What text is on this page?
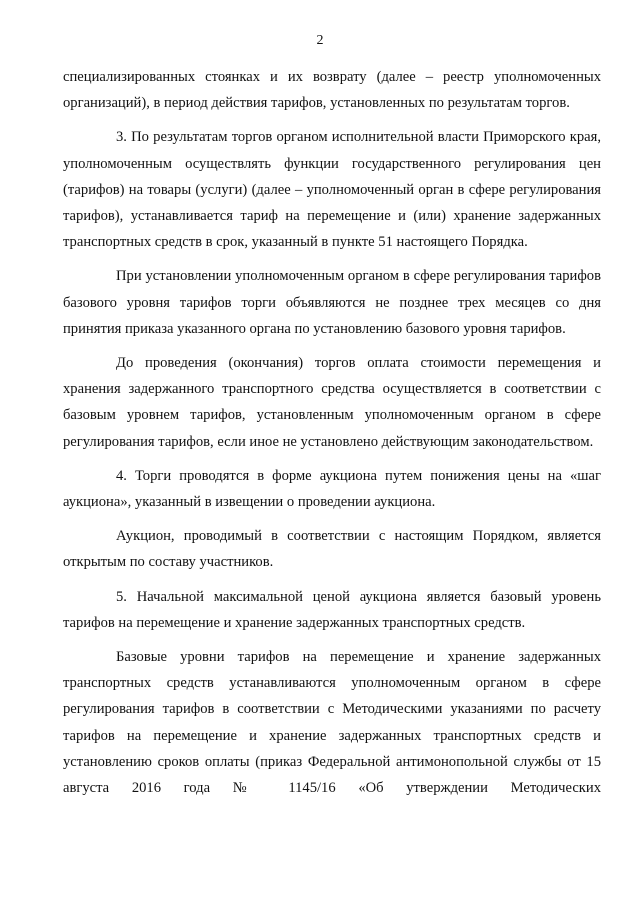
2

специализированных стоянках и их возврату (далее – реестр уполномоченных организаций), в период действия тарифов, установленных по результатам торгов.

3. По результатам торгов органом исполнительной власти Приморского края, уполномоченным осуществлять функции государственного регулирования цен (тарифов) на товары (услуги) (далее – уполномоченный орган в сфере регулирования тарифов), устанавливается тариф на перемещение и (или) хранение задержанных транспортных средств в срок, указанный в пункте 51 настоящего Порядка.

При установлении уполномоченным органом в сфере регулирования тарифов базового уровня тарифов торги объявляются не позднее трех месяцев со дня принятия приказа указанного органа по установлению базового уровня тарифов.

До проведения (окончания) торгов оплата стоимости перемещения и хранения задержанного транспортного средства осуществляется в соответствии с базовым уровнем тарифов, установленным уполномоченным органом в сфере регулирования тарифов, если иное не установлено действующим законодательством.

4. Торги проводятся в форме аукциона путем понижения цены на «шаг аукциона», указанный в извещении о проведении аукциона.

Аукцион, проводимый в соответствии с настоящим Порядком, является открытым по составу участников.

5. Начальной максимальной ценой аукциона является базовый уровень тарифов на перемещение и хранение задержанных транспортных средств.

Базовые уровни тарифов на перемещение и хранение задержанных транспортных средств устанавливаются уполномоченным органом в сфере регулирования тарифов в соответствии с Методическими указаниями по расчету тарифов на перемещение и хранение задержанных транспортных средств и установлению сроков оплаты (приказ Федеральной антимонопольной службы от 15 августа 2016 года № 1145/16 «Об утверждении Методических
